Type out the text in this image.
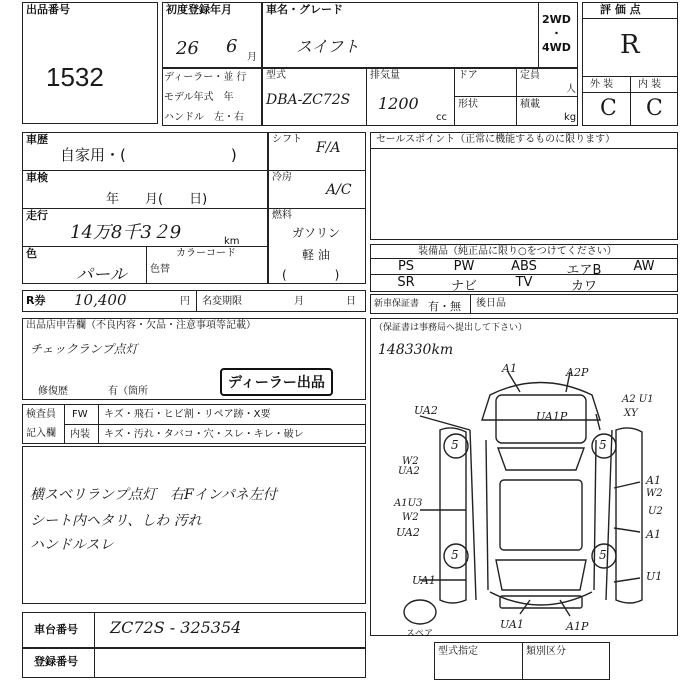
出品番号
1532
初度登録年月
26 6
月
車名・グレード
スイフト
2WD
・
4WD
評 価 点
R
外 装 内 装
C C
ディーラー・並 行
モデル年式　年
ハンドル　左・右
型式
DBA-ZC72S
排気量
1200
cc
ドア
形状
定員
人
積載
kg
車歴
自家用・(　　　　　　　)
車検
年　　月(　　日)
走行
14万8千3２9	km
色
パール 色替
カラーコード
シフト
F/A
冷房
A/C
燃料
ガソリン
軽 油
(　　　　)
セールスポイント（正常に機能するものに限ります）
装備品（純正品に限り○をつけてください）
PS	PW	ABS	エアB	AW
SR	ナビ	TV	カワ
R券 10,400	円 名変期限	月	日 新車保証書 有・無 後日品
出品店申告欄（不良内容・欠品・注意事項等記載）
チェックランプ点灯
修復歴	有（箇所
ディーラー出品
検査員
記入欄
FW キズ・飛石・ヒビ割・リペア跡・X要
内装 キズ・汚れ・タバコ・穴・スレ・キレ・破レ
横スベリランプ点灯　右Fインパネ左付
シート内ヘタリ、しわ 汚れ
ハンドルスレ
（保証書は事務局へ提出して下さい）
148330km
A1	A2P
A2 U1
XY
UA2	UA1P
W2
UA2
A1
W2
A1U3
W2
U2
UA2	A1
UA1	U1
UA1	A1P
5
5
5
5
スペア
車台番号 ZC72S - 325354
登録番号
型式指定	類別区分
